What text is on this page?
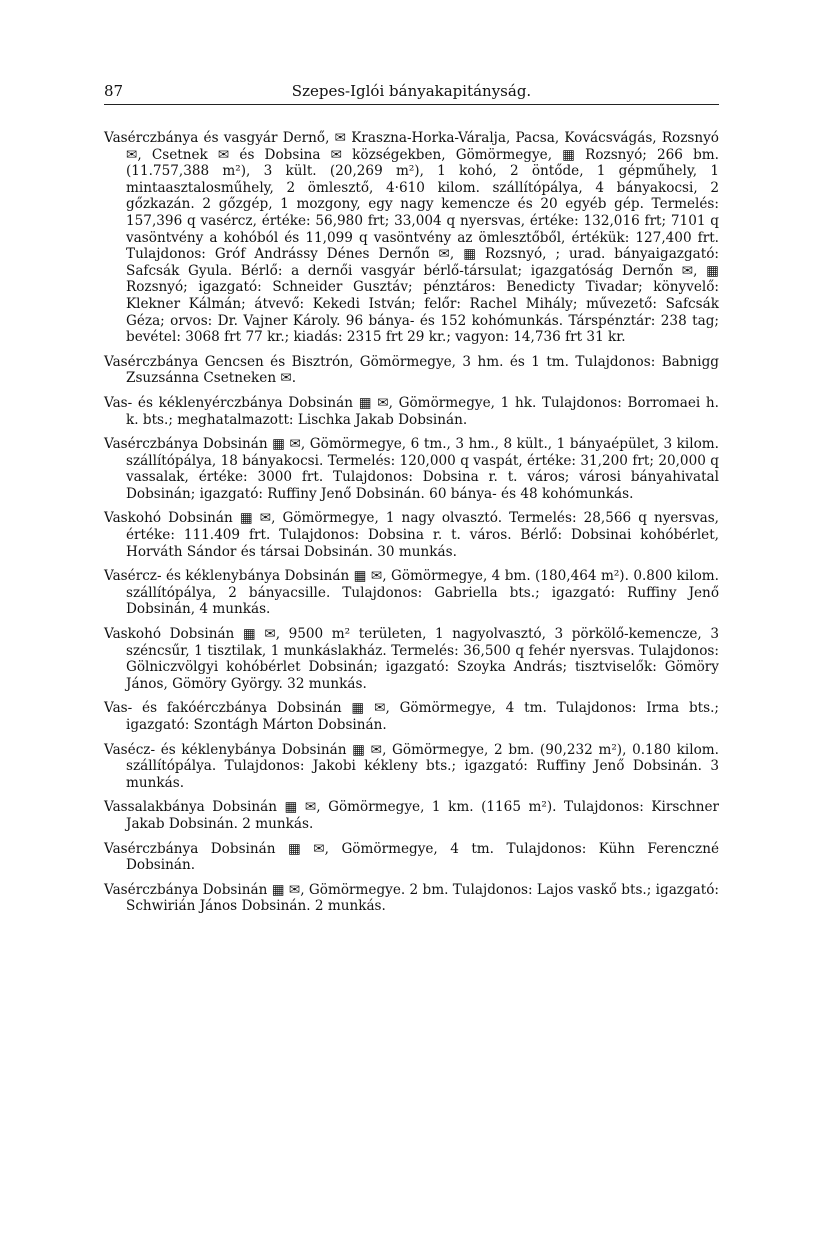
87	Szepes-Iglói bányakapitányság.

Vasérczbánya és vasgyár Dernő, ✉ Kraszna-Horka-Váralja, Pacsa, Kovácsvágás, Rozsnyó ✉, Csetnek ✉ és Dobsina ✉ községekben, Gömörmegye, ▦ Rozsnyó; 266 bm. (11.757,388 m²), 3 kült. (20,269 m²), 1 kohó, 2 öntőde, 1 gépműhely, 1 mintaasztalosműhely, 2 ömlesztő, 4·610 kilom. szállítópálya, 4 bányakocsi, 2 gőzkazán. 2 gőzgép, 1 mozgony, egy nagy kemencze és 20 egyéb gép. Termelés: 157,396 q vasércz, értéke: 56,980 frt; 33,004 q nyersvas, értéke: 132,016 frt; 7101 q vasöntvény a kohóból és 11,099 q vasöntvény az ömlesztőből, értékük: 127,400 frt. Tulajdonos: Gróf Andrássy Dénes Dernőn ✉, ▦ Rozsnyó, ; urad. bányaigazgató: Safcsák Gyula. Bérlő: a dernői vasgyár bérlő-társulat; igazgatóság Dernőn ✉, ▦ Rozsnyó; igazgató: Schneider Gusztáv; pénztáros: Benedicty Tivadar; könyvelő: Klekner Kálmán; átvevő: Kekedi István; felőr: Rachel Mihály; művezető: Safcsák Géza; orvos: Dr. Vajner Károly. 96 bánya- és 152 kohómunkás. Társpénztár: 238 tag; bevétel: 3068 frt 77 kr.; kiadás: 2315 frt 29 kr.; vagyon: 14,736 frt 31 kr.

Vasérczbánya Gencsen és Bisztrón, Gömörmegye, 3 hm. és 1 tm. Tulajdonos: Babnigg Zsuzsánna Csetneken ✉.

Vas- és kéklenyérczbánya Dobsinán ▦ ✉, Gömörmegye, 1 hk. Tulajdonos: Borromaei h. k. bts.; meghatalmazott: Lischka Jakab Dobsinán.

Vasérczbánya Dobsinán ▦ ✉, Gömörmegye, 6 tm., 3 hm., 8 kült., 1 bányaépület, 3 kilom. szállítópálya, 18 bányakocsi. Termelés: 120,000 q vaspát, értéke: 31,200 frt; 20,000 q vassalak, értéke: 3000 frt. Tulajdonos: Dobsina r. t. város; városi bányahivatal Dobsinán; igazgató: Ruffiny Jenő Dobsinán. 60 bánya- és 48 kohómunkás.

Vaskohó Dobsinán ▦ ✉, Gömörmegye, 1 nagy olvasztó. Termelés: 28,566 q nyersvas, értéke: 111.409 frt. Tulajdonos: Dobsina r. t. város. Bérlő: Dobsinai kohóbérlet, Horváth Sándor és társai Dobsinán. 30 munkás.

Vasércz- és kéklenybánya Dobsinán ▦ ✉, Gömörmegye, 4 bm. (180,464 m²). 0.800 kilom. szállítópálya, 2 bányacsille. Tulajdonos: Gabriella bts.; igazgató: Ruffiny Jenő Dobsinán, 4 munkás.

Vaskohó Dobsinán ▦ ✉, 9500 m² területen, 1 nagyolvasztó, 3 pörkölő-kemencze, 3 széncsűr, 1 tisztilak, 1 munkáslakház. Termelés: 36,500 q fehér nyersvas. Tulajdonos: Gölniczvölgyi kohóbérlet Dobsinán; igazgató: Szoyka András; tisztviselők: Gömöry János, Gömöry György. 32 munkás.

Vas- és fakóérczbánya Dobsinán ▦ ✉, Gömörmegye, 4 tm. Tulajdonos: Irma bts.; igazgató: Szontágh Márton Dobsinán.

Vasécz- és kéklenybánya Dobsinán ▦ ✉, Gömörmegye, 2 bm. (90,232 m²), 0.180 kilom. szállítópálya. Tulajdonos: Jakobi kékleny bts.; igazgató: Ruffiny Jenő Dobsinán. 3 munkás.

Vassalakbánya Dobsinán ▦ ✉, Gömörmegye, 1 km. (1165 m²). Tulajdonos: Kirschner Jakab Dobsinán. 2 munkás.

Vasérczbánya Dobsinán ▦ ✉, Gömörmegye, 4 tm. Tulajdonos: Kühn Ferenczné Dobsinán.

Vasérczbánya Dobsinán ▦ ✉, Gömörmegye. 2 bm. Tulajdonos: Lajos vaskő bts.; igazgató: Schwirián János Dobsinán. 2 munkás.
